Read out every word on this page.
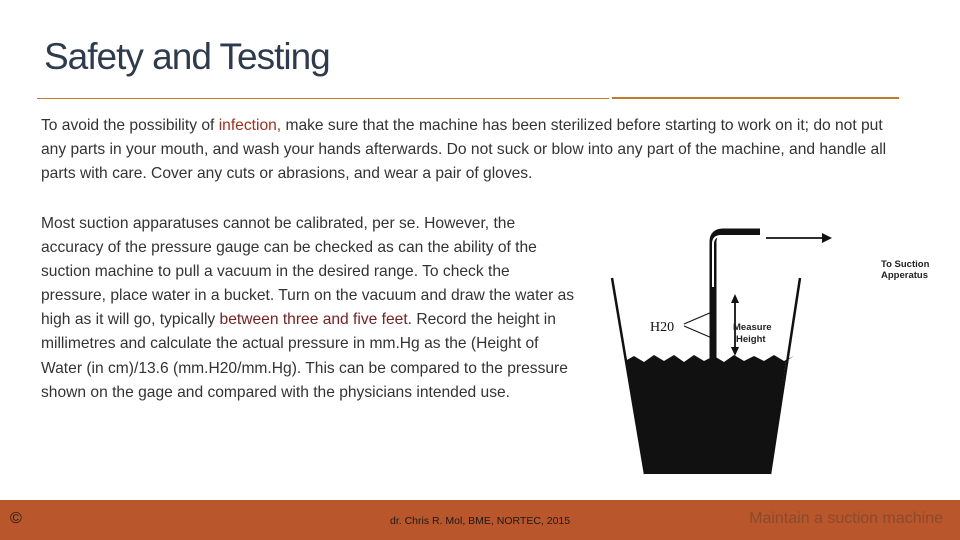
Safety and Testing

To avoid the possibility of infection, make sure that the machine has been sterilized before starting to work on it; do not put any parts in your mouth, and wash your hands afterwards. Do not suck or blow into any part of the machine, and handle all parts with care. Cover any cuts or abrasions, and wear a pair of gloves.

Most suction apparatuses cannot be calibrated, per se. However, the accuracy of the pressure gauge can be checked as can the ability of the suction machine to pull a vacuum in the desired range. To check the pressure, place water in a bucket. Turn on the vacuum and draw the water as high as it will go, typically between three and five feet. Record the height in millimetres and calculate the actual pressure in mm.Hg as the (Height of Water (in cm)/13.6 (mm.H20/mm.Hg). This can be compared to the pressure shown on the gage and compared with the physicians intended use.

To Suction
Apperatus
H20	Measure
Height
©	dr. Chris R. Mol, BME, NORTEC, 2015	Maintain a suction machine
